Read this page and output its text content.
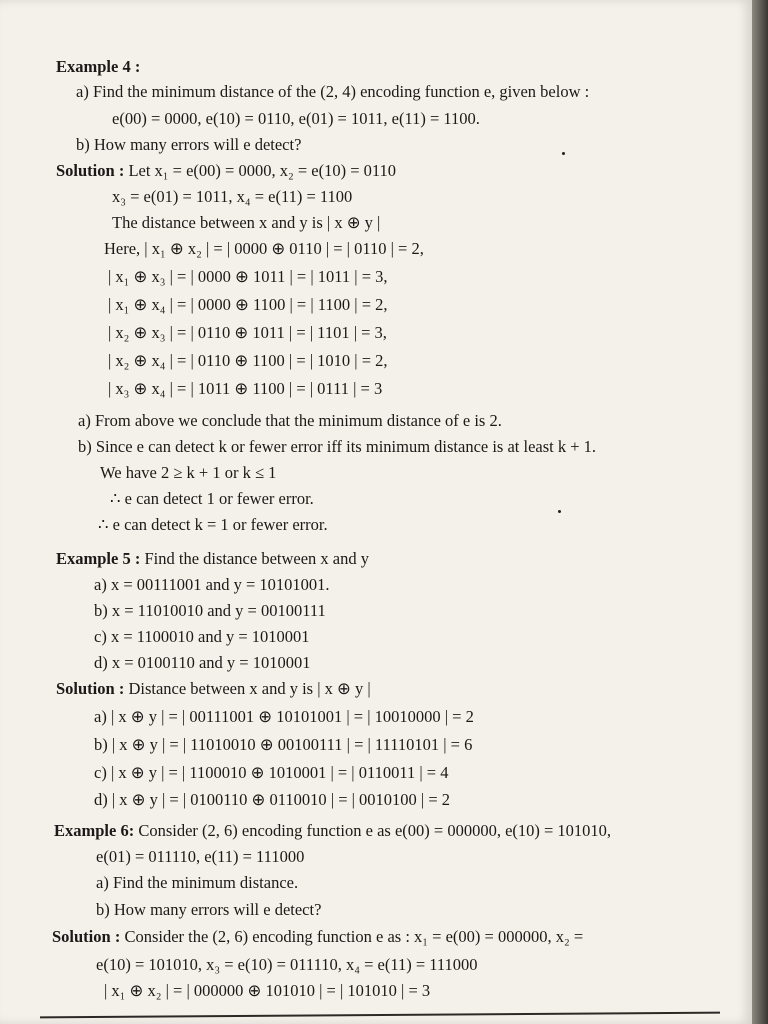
Example 4 :
a) Find the minimum distance of the (2, 4) encoding function e, given below :
e(00) = 0000, e(10) = 0110, e(01) = 1011, e(11) = 1100.
b) How many errors will e detect?
Solution : Let x₁ = e(00) = 0000, x₂ = e(10) = 0110
x₃ = e(01) = 1011, x₄ = e(11) = 1100
The distance between x and y is | x ⊕ y |
Here, | x₁ ⊕ x₂ | = | 0000 ⊕ 0110 | = | 0110 | = 2,
| x₁ ⊕ x₃ | = | 0000 ⊕ 1011 | = | 1011 | = 3,
| x₁ ⊕ x₄ | = | 0000 ⊕ 1100 | = | 1100 | = 2,
| x₂ ⊕ x₃ | = | 0110 ⊕ 1011 | = | 1101 | = 3,
| x₂ ⊕ x₄ | = | 0110 ⊕ 1100 | = | 1010 | = 2,
| x₃ ⊕ x₄ | = | 1011 ⊕ 1100 | = | 0111 | = 3
a) From above we conclude that the minimum distance of e is 2.
b) Since e can detect k or fewer error iff its minimum distance is at least k + 1.
We have 2 ≥ k + 1 or k ≤ 1
∴ e can detect 1 or fewer error.
∴ e can detect k = 1 or fewer error.
Example 5 : Find the distance between x and y
a) x = 00111001 and y = 10101001.
b) x = 11010010 and y = 00100111
c) x = 1100010 and y = 1010001
d) x = 0100110 and y = 1010001
Solution : Distance between x and y is | x ⊕ y |
a) | x ⊕ y | = | 00111001 ⊕ 10101001 | = | 10010000 | = 2
b) | x ⊕ y | = | 11010010 ⊕ 00100111 | = | 11110101 | = 6
c) | x ⊕ y | = | 1100010 ⊕ 1010001 | = | 0110011 | = 4
d) | x ⊕ y | = | 0100110 ⊕ 0110010 | = | 0010100 | = 2
Example 6: Consider (2, 6) encoding function e as e(00) = 000000, e(10) = 101010,
e(01) = 011110, e(11) = 111000
a) Find the minimum distance.
b) How many errors will e detect?
Solution : Consider the (2, 6) encoding function e as : x₁ = e(00) = 000000, x₂ =
e(10) = 101010, x₃ = e(10) = 011110, x₄ = e(11) = 111000
| x₁ ⊕ x₂ | = | 000000 ⊕ 101010 | = | 101010 | = 3
